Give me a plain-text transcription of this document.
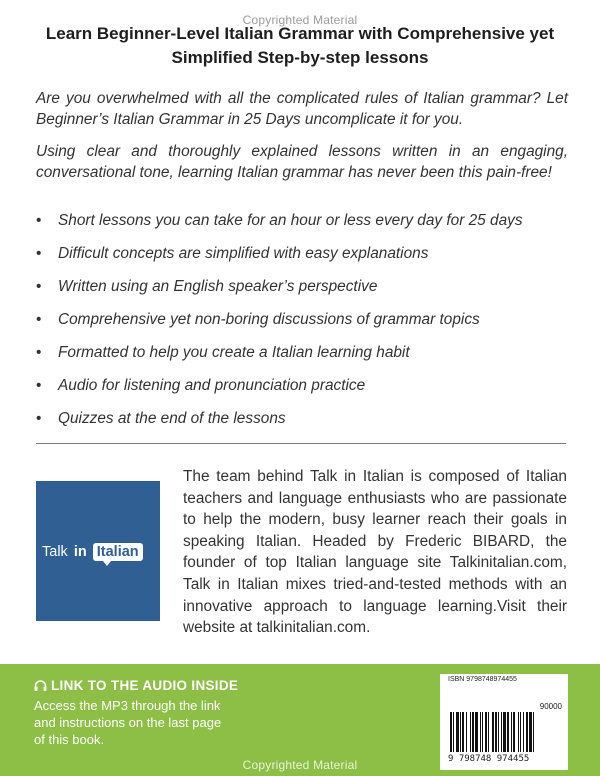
Copyrighted Material
Learn Beginner-Level Italian Grammar with Comprehensive yet
Simplified Step-by-step lessons

Are you overwhelmed with all the complicated rules of Italian grammar? Let Beginner’s Italian Grammar in 25 Days uncomplicate it for you.

Using clear and thoroughly explained lessons written in an engaging, conversational tone, learning Italian grammar has never been this pain-free!

• Short lessons you can take for an hour or less every day for 25 days
• Difficult concepts are simplified with easy explanations
• Written using an English speaker’s perspective
• Comprehensive yet non-boring discussions of grammar topics
• Formatted to help you create a Italian learning habit
• Audio for listening and pronunciation practice
• Quizzes at the end of the lessons
Talk in Italian

The team behind Talk in Italian is composed of Italian teachers and language enthusiasts who are passionate to help the modern, busy learner reach their goals in speaking Italian. Headed by Frederic BIBARD, the founder of top Italian language site Talkinitalian.com, Talk in Italian mixes tried-and-tested methods with an innovative approach to language learning.Visit their website at talkinitalian.com.

LINK TO THE AUDIO INSIDE
Access the MP3 through the link and instructions on the last page of this book.
ISBN 9798748974455
90000
9 798748 974455
Copyrighted Material
